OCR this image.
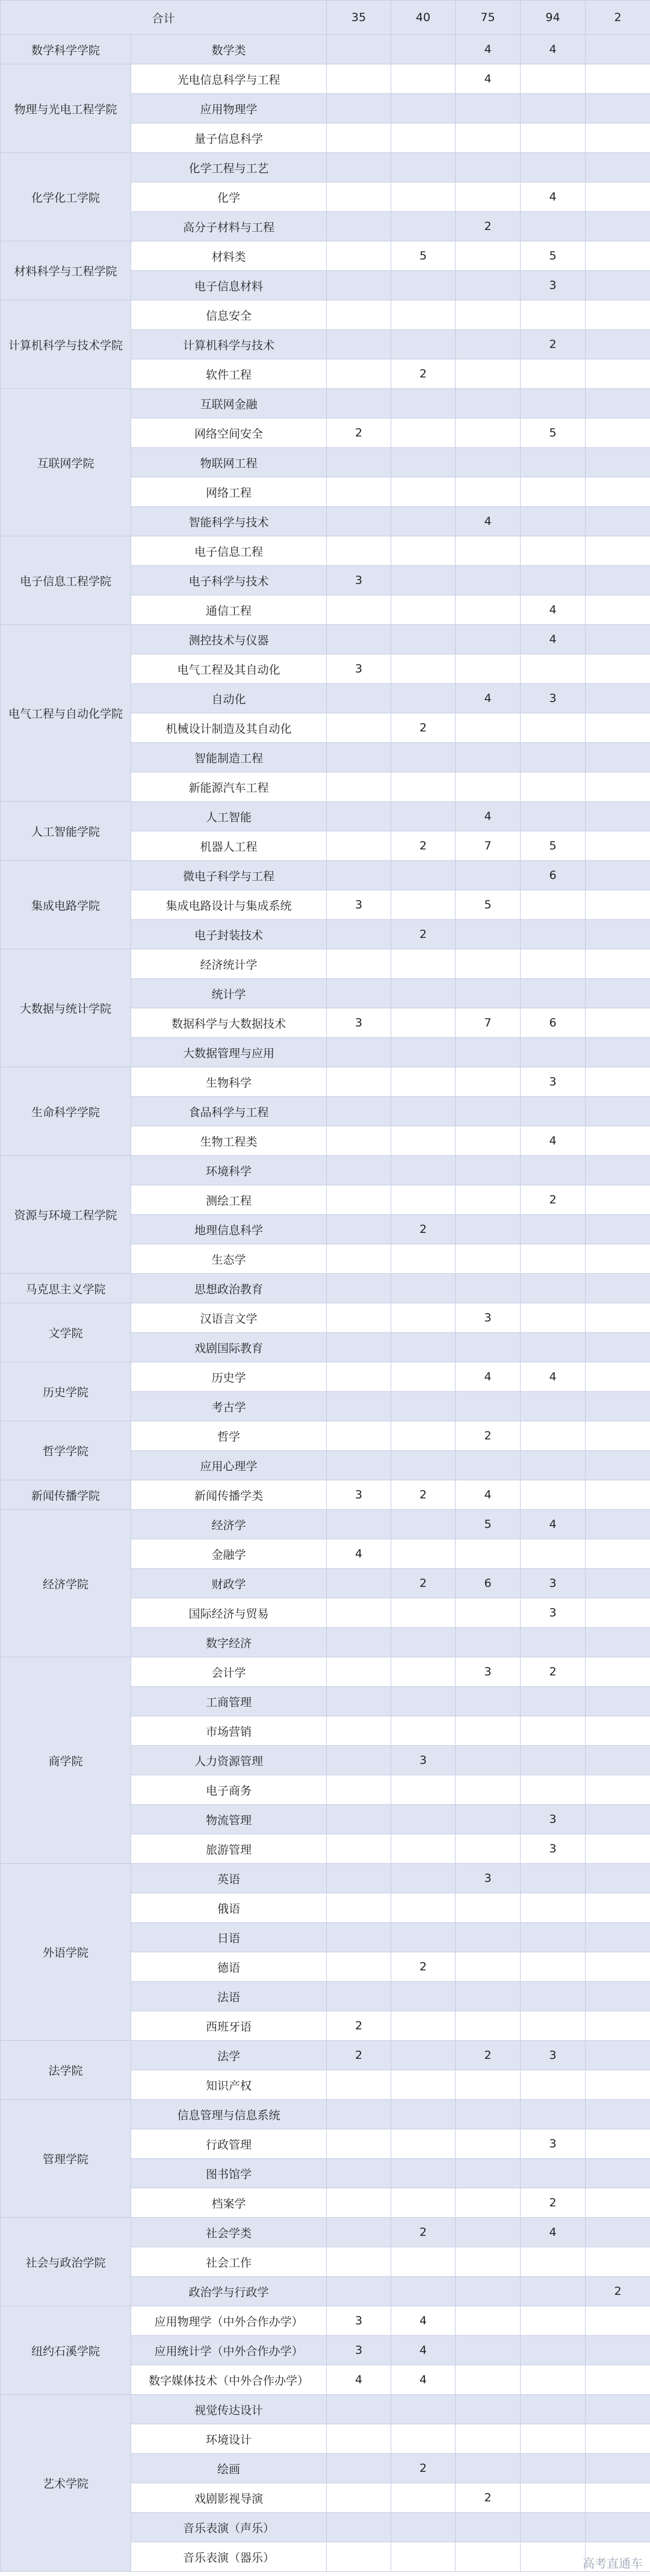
合计		35	40	75	94	2
数学科学学院	数学类			4	4	
物理与光电工程学院	光电信息科学与工程			4		
	应用物理学					
	量子信息科学					
化学化工学院	化学工程与工艺					
	化学				4	
	高分子材料与工程			2		
材料科学与工程学院	材料类		5		5	
	电子信息材料				3	
计算机科学与技术学院	信息安全					
	计算机科学与技术				2	
	软件工程		2			
互联网学院	互联网金融					
	网络空间安全	2			5	
	物联网工程					
	网络工程					
	智能科学与技术			4		
电子信息工程学院	电子信息工程					
	电子科学与技术	3				
	通信工程				4	
电气工程与自动化学院	测控技术与仪器				4	
	电气工程及其自动化	3				
	自动化			4	3	
	机械设计制造及其自动化		2			
	智能制造工程					
	新能源汽车工程					
人工智能学院	人工智能			4		
	机器人工程		2	7	5	
集成电路学院	微电子科学与工程				6	
	集成电路设计与集成系统	3		5		
	电子封装技术		2			
大数据与统计学院	经济统计学					
	统计学					
	数据科学与大数据技术	3		7	6	
	大数据管理与应用					
生命科学学院	生物科学				3	
	食品科学与工程					
	生物工程类				4	
资源与环境工程学院	环境科学					
	测绘工程				2	
	地理信息科学		2			
	生态学					
马克思主义学院	思想政治教育					
文学院	汉语言文学			3		
	戏剧国际教育					
历史学院	历史学			4	4	
	考古学					
哲学学院	哲学			2		
	应用心理学					
新闻传播学院	新闻传播学类	3	2	4		
经济学院	经济学			5	4	
	金融学	4				
	财政学		2	6	3	
	国际经济与贸易				3	
	数字经济					
商学院	会计学			3	2	
	工商管理					
	市场营销					
	人力资源管理		3			
	电子商务					
	物流管理				3	
	旅游管理				3	
外语学院	英语			3		
	俄语					
	日语					
	德语		2			
	法语					
	西班牙语	2				
法学院	法学	2		2	3	
	知识产权					
管理学院	信息管理与信息系统					
	行政管理				3	
	图书馆学					
	档案学				2	
社会与政治学院	社会学类		2		4	
	社会工作					
	政治学与行政学					2
纽约石溪学院	应用物理学（中外合作办学）	3	4			
	应用统计学（中外合作办学）	3	4			
	数字媒体技术（中外合作办学）	4	4			
艺术学院	视觉传达设计					
	环境设计					
	绘画		2			
	戏剧影视导演			2		
	音乐表演（声乐）					
	音乐表演（器乐）						高考直通车
